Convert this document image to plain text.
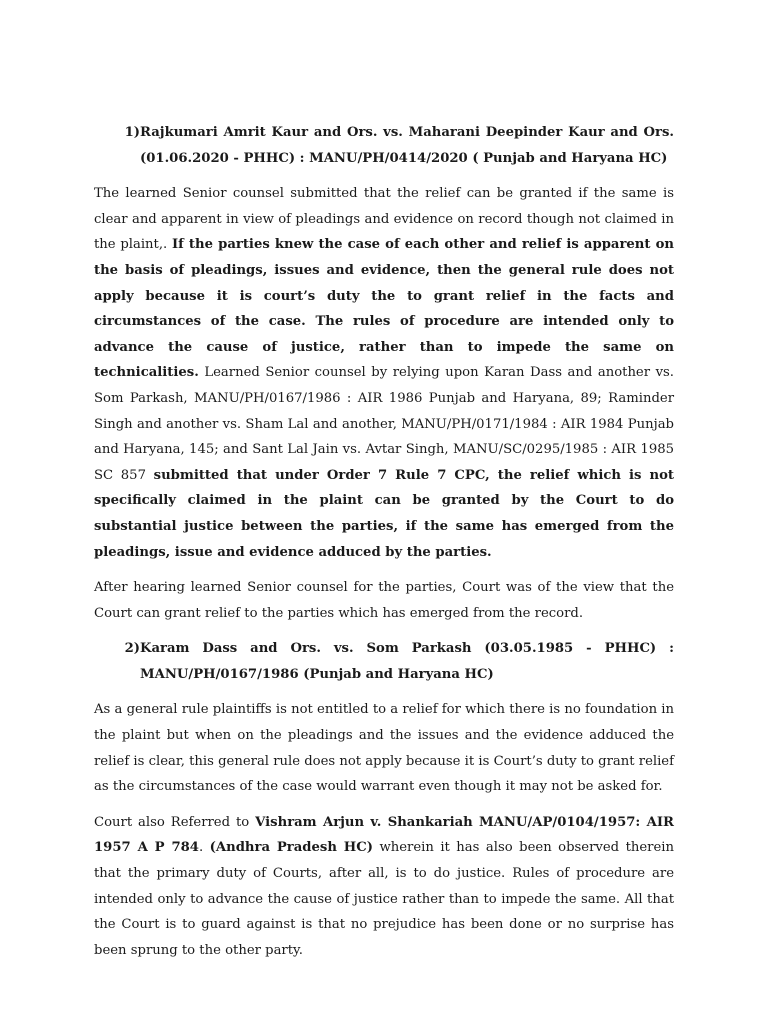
1) Rajkumari Amrit Kaur and Ors. vs. Maharani Deepinder Kaur and Ors. (01.06.2020 - PHHC) : MANU/PH/0414/2020 ( Punjab and Haryana HC)

The learned Senior counsel submitted that the relief can be granted if the same is clear and apparent in view of pleadings and evidence on record though not claimed in the plaint,. If the parties knew the case of each other and relief is apparent on the basis of pleadings, issues and evidence, then the general rule does not apply because it is court’s duty the to grant relief in the facts and circumstances of the case. The rules of procedure are intended only to advance the cause of justice, rather than to impede the same on technicalities. Learned Senior counsel by relying upon Karan Dass and another vs. Som Parkash, MANU/PH/0167/1986 : AIR 1986 Punjab and Haryana, 89; Raminder Singh and another vs. Sham Lal and another, MANU/PH/0171/1984 : AIR 1984 Punjab and Haryana, 145; and Sant Lal Jain vs. Avtar Singh, MANU/SC/0295/1985 : AIR 1985 SC 857 submitted that under Order 7 Rule 7 CPC, the relief which is not specifically claimed in the plaint can be granted by the Court to do substantial justice between the parties, if the same has emerged from the pleadings, issue and evidence adduced by the parties.

After hearing learned Senior counsel for the parties, Court was of the view that the Court can grant relief to the parties which has emerged from the record.

2) Karam Dass and Ors. vs. Som Parkash (03.05.1985 - PHHC) : MANU/PH/0167/1986 (Punjab and Haryana HC)

As a general rule plaintiffs is not entitled to a relief for which there is no foundation in the plaint but when on the pleadings and the issues and the evidence adduced the relief is clear, this general rule does not apply because it is Court’s duty to grant relief as the circumstances of the case would warrant even though it may not be asked for.

Court also Referred to Vishram Arjun v. Shankariah MANU/AP/0104/1957: AIR 1957 A P 784. (Andhra Pradesh HC) wherein it has also been observed therein that the primary duty of Courts, after all, is to do justice. Rules of procedure are intended only to advance the cause of justice rather than to impede the same. All that the Court is to guard against is that no prejudice has been done or no surprise has been sprung to the other party.
